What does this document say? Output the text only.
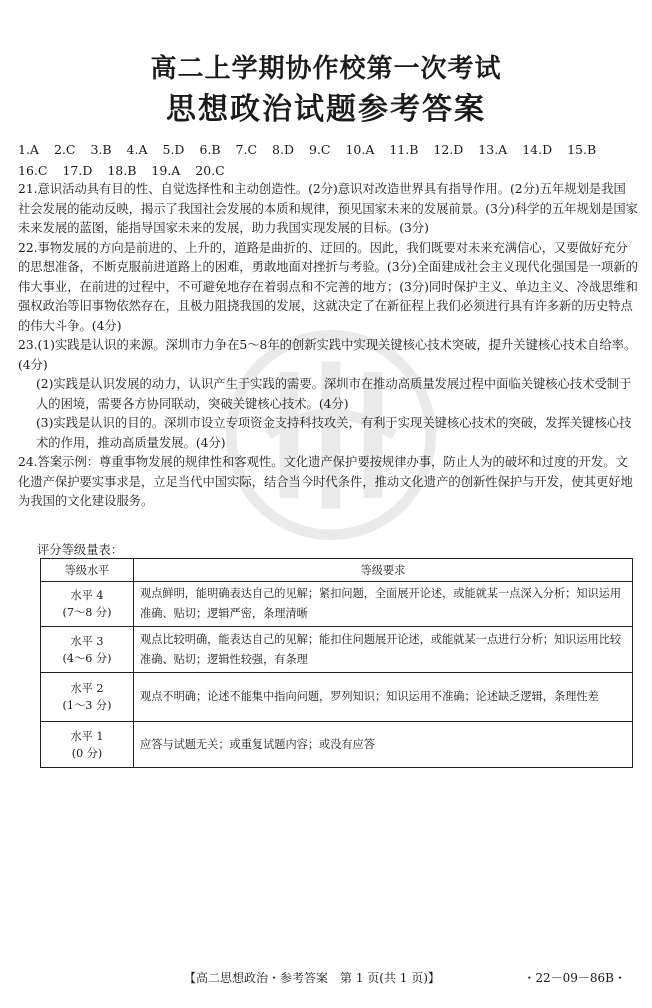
高二上学期协作校第一次考试
思想政治试题参考答案
1.A 2.C 3.B 4.A 5.D 6.B 7.C 8.D 9.C 10.A 11.B 12.D 13.A 14.D 15.B 16.C 17.D 18.B 19.A 20.C

21.意识活动具有目的性、自觉选择性和主动创造性。(2分)意识对改造世界具有指导作用。(2分)五年规划是我国社会发展的能动反映，揭示了我国社会发展的本质和规律，预见国家未来的发展前景。(3分)科学的五年规划是国家未来发展的蓝图，能指导国家未来的发展，助力我国实现发展的目标。(3分)

22.事物发展的方向是前进的、上升的，道路是曲折的、迂回的。因此，我们既要对未来充满信心，又要做好充分的思想准备，不断克服前进道路上的困难，勇敢地面对挫折与考验。(3分)全面建成社会主义现代化强国是一项新的伟大事业，在前进的过程中，不可避免地存在着弱点和不完善的地方；(3分)同时保护主义、单边主义、冷战思维和强权政治等旧事物依然存在，且极力阻挠我国的发展，这就决定了在新征程上我们必须进行具有许多新的历史特点的伟大斗争。(4分)

23.(1)实践是认识的来源。深圳市力争在5～8年的创新实践中实现关键核心技术突破，提升关键核心技术自给率。(4分)

(2)实践是认识发展的动力，认识产生于实践的需要。深圳市在推动高质量发展过程中面临关键核心技术受制于人的困境，需要各方协同联动，突破关键核心技术。(4分)

(3)实践是认识的目的。深圳市设立专项资金支持科技攻关，有利于实现关键核心技术的突破，发挥关键核心技术的作用，推动高质量发展。(4分)

24.答案示例：尊重事物发展的规律性和客观性。文化遗产保护要按规律办事，防止人为的破坏和过度的开发。文化遗产保护要实事求是，立足当代中国实际，结合当今时代条件，推动文化遗产的创新性保护与开发，使其更好地为我国的文化建设服务。

评分等级量表：
等级水平	等级要求

水平 4
(7～8 分)	观点鲜明，能明确表达自己的见解；紧扣问题，全面展开论述，或能就某一点深入分析；知识运用准确、贴切；逻辑严密，条理清晰

水平 3
(4～6 分)	观点比较明确，能表达自己的见解；能扣住问题展开论述，或能就某一点进行分析；知识运用比较准确、贴切；逻辑性较强，有条理

水平 2
(1～3 分)	观点不明确；论述不能集中指向问题，罗列知识；知识运用不准确；论述缺乏逻辑，条理性差

水平 1
(0 分)	应答与试题无关；或重复试题内容；或没有应答
【高二思想政治・参考答案　第 1 页(共 1 页)】	・22－09－86B・
